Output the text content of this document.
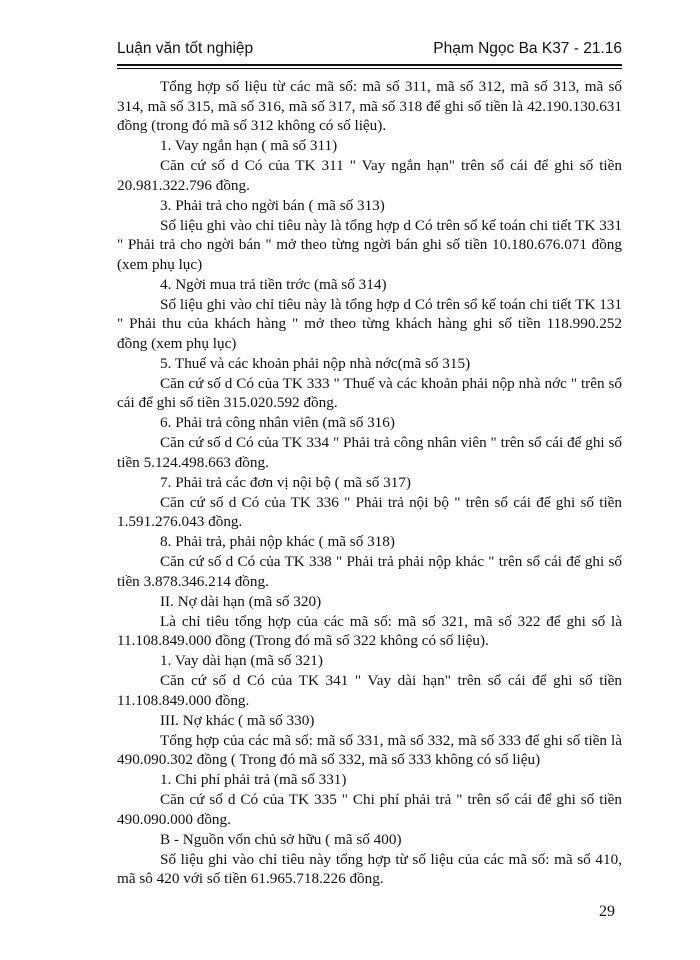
Luận văn tốt nghiệp	Phạm Ngọc Ba K37 - 21.16

Tổng hợp số liệu từ các mã số: mã số 311, mã số 312, mã số 313, mã số 314, mã số 315, mã số 316, mã số 317, mã số 318 để ghi số tiền là 42.190.130.631 đồng (trong đó mã số 312 không có số liệu).

1. Vay ngắn hạn ( mã số 311)

Căn cứ số d Có của TK 311 " Vay ngắn hạn" trên sổ cái để ghi số tiền 20.981.322.796 đồng.

3. Phải trả cho ngời bán ( mã số 313)

Số liệu ghi vào chỉ tiêu này là tổng hợp d Có trên sổ kế toán chi tiết TK 331 " Phải trả cho ngời bán " mở theo từng ngời bán ghi số tiền 10.180.676.071 đồng (xem phụ lục)

4. Ngời mua trả tiền trớc (mã số 314)

Số liệu ghi vào chỉ tiêu này là tổng hợp d Có trên sổ kế toán chi tiết TK 131 " Phải thu của khách hàng " mở theo từng khách hàng ghi số tiền 118.990.252 đồng (xem phụ lục)

5. Thuế và các khoản phải nộp nhà nớc(mã số 315)

Căn cứ số d Có của TK 333 " Thuế và các khoản phải nộp nhà nớc " trên sổ cái để ghi số tiền 315.020.592 đồng.

6. Phải trả công nhân viên (mã số 316)

Căn cứ số d Có của TK 334 " Phải trả công nhân viên " trên sổ cái để ghi số tiền 5.124.498.663 đồng.

7. Phải trả các đơn vị nội bộ ( mã số 317)

Căn cứ số d Có của TK 336 " Phải trả nội bộ " trên sổ cái để ghi số tiền 1.591.276.043 đồng.

8. Phải trả, phải nộp khác ( mã số 318)

Căn cứ số d Có của TK 338 " Phải trả phải nộp khác " trên sổ cái để ghi số tiền 3.878.346.214 đồng.

II. Nợ dài hạn (mã số 320)

Là chỉ tiêu tổng hợp của các mã số: mã số 321, mã số 322 để ghi số là 11.108.849.000 đồng (Trong đó mã số 322 không có số liệu).

1. Vay dài hạn (mã số 321)

Căn cứ số d Có của TK 341 " Vay dài hạn" trên sổ cái để ghi số tiền 11.108.849.000 đồng.

III. Nợ khác ( mã số 330)

Tổng hợp của các mã số: mã số 331, mã số 332, mã số 333 để ghi số tiền là 490.090.302 đồng ( Trong đó mã số 332, mã số 333 không có số liệu)

1. Chi phí phải trả (mã số 331)

Căn cứ số d Có của TK 335 " Chi phí phải trả " trên sổ cái để ghi số tiền 490.090.000 đồng.

B - Nguồn vốn chủ sở hữu ( mã số 400)

Số liệu ghi vào chỉ tiêu này tổng hợp từ số liệu của các mã số: mã số 410, mã sô 420 với số tiền 61.965.718.226 đồng.

29
